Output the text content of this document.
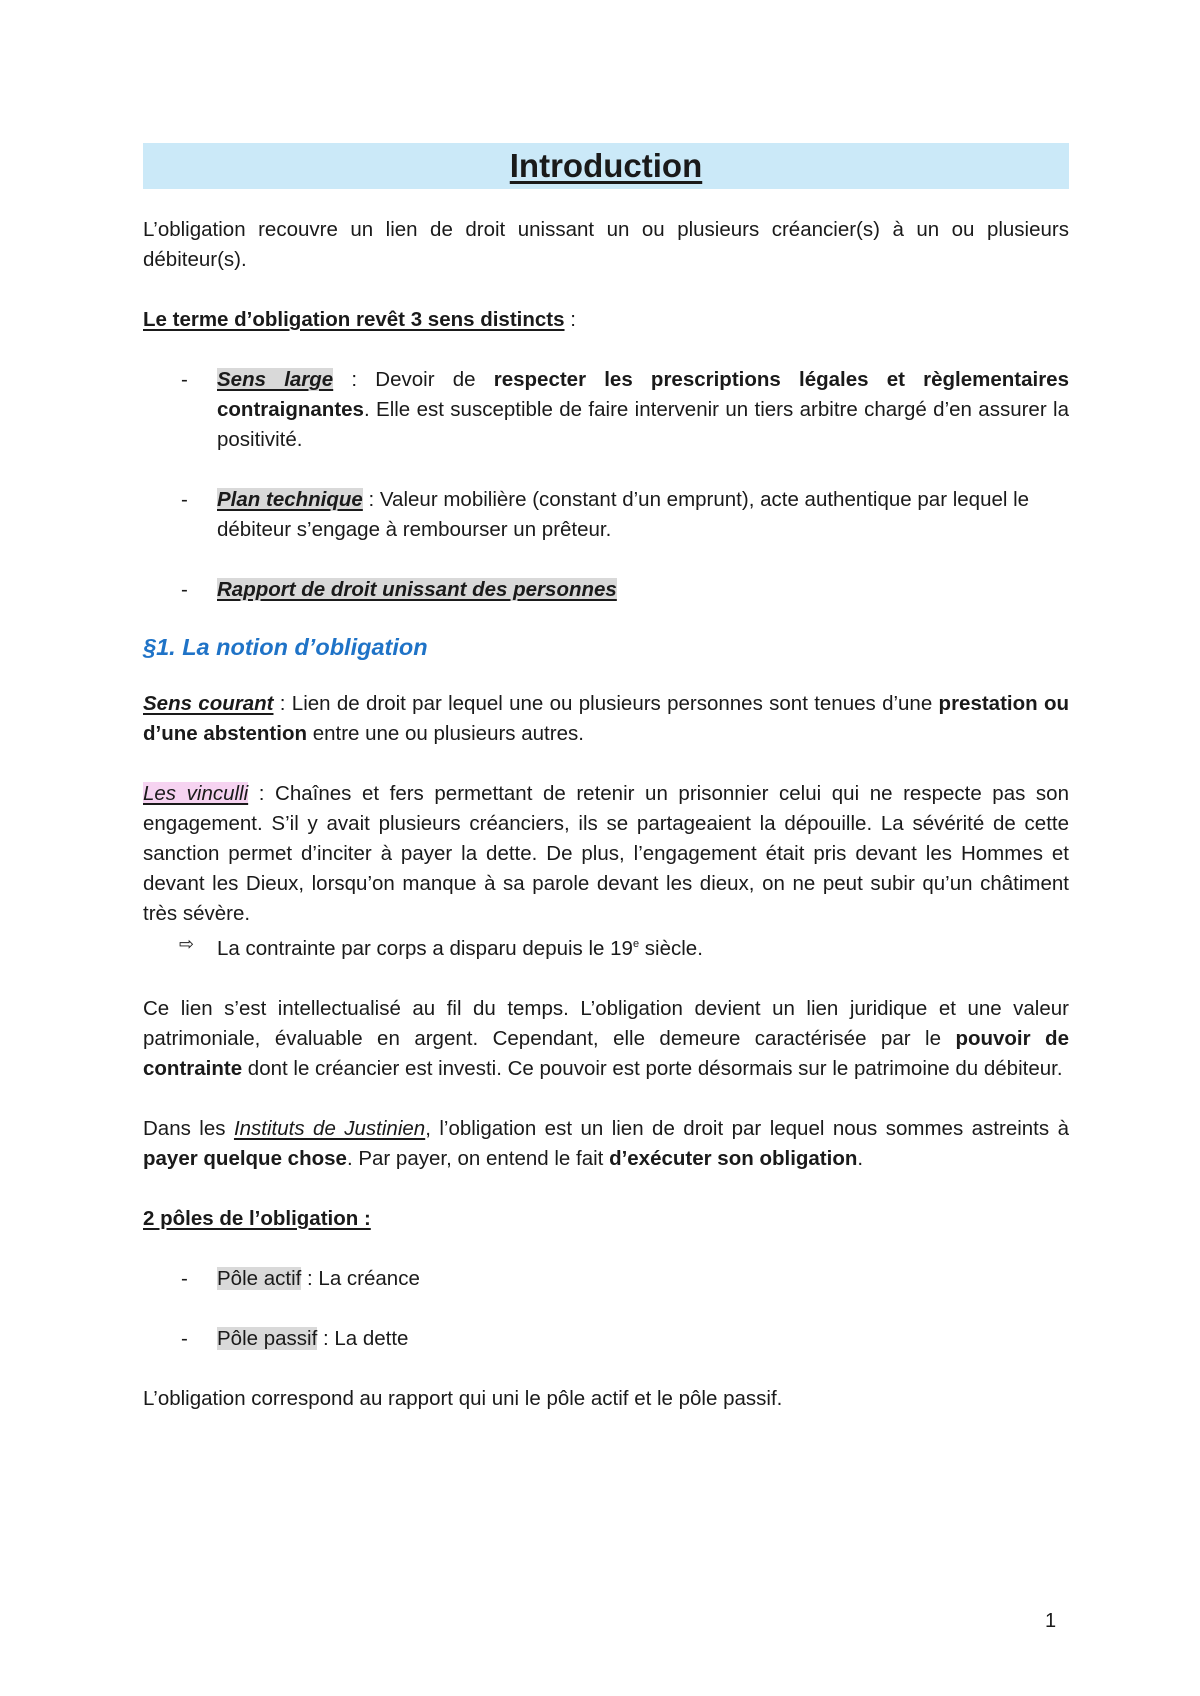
Introduction

L’obligation recouvre un lien de droit unissant un ou plusieurs créancier(s) à un ou plusieurs débiteur(s).

Le terme d’obligation revêt 3 sens distincts :

-	Sens large : Devoir de respecter les prescriptions légales et règlementaires contraignantes. Elle est susceptible de faire intervenir un tiers arbitre chargé d’en assurer la positivité.

-	Plan technique : Valeur mobilière (constant d’un emprunt), acte authentique par lequel le débiteur s’engage à rembourser un prêteur.

-	Rapport de droit unissant des personnes

§1. La notion d’obligation

Sens courant : Lien de droit par lequel une ou plusieurs personnes sont tenues d’une prestation ou d’une abstention entre une ou plusieurs autres.

Les vinculli : Chaînes et fers permettant de retenir un prisonnier celui qui ne respecte pas son engagement. S’il y avait plusieurs créanciers, ils se partageaient la dépouille. La sévérité de cette sanction permet d’inciter à payer la dette. De plus, l’engagement était pris devant les Hommes et devant les Dieux, lorsqu’on manque à sa parole devant les dieux, on ne peut subir qu’un châtiment très sévère.

⇨	La contrainte par corps a disparu depuis le 19e siècle.

Ce lien s’est intellectualisé au fil du temps. L’obligation devient un lien juridique et une valeur patrimoniale, évaluable en argent. Cependant, elle demeure caractérisée par le pouvoir de contrainte dont le créancier est investi. Ce pouvoir est porte désormais sur le patrimoine du débiteur.

Dans les Instituts de Justinien, l’obligation est un lien de droit par lequel nous sommes astreints à payer quelque chose. Par payer, on entend le fait d’exécuter son obligation.

2 pôles de l’obligation :

-	Pôle actif : La créance

-	Pôle passif : La dette

L’obligation correspond au rapport qui uni le pôle actif et le pôle passif.

1
